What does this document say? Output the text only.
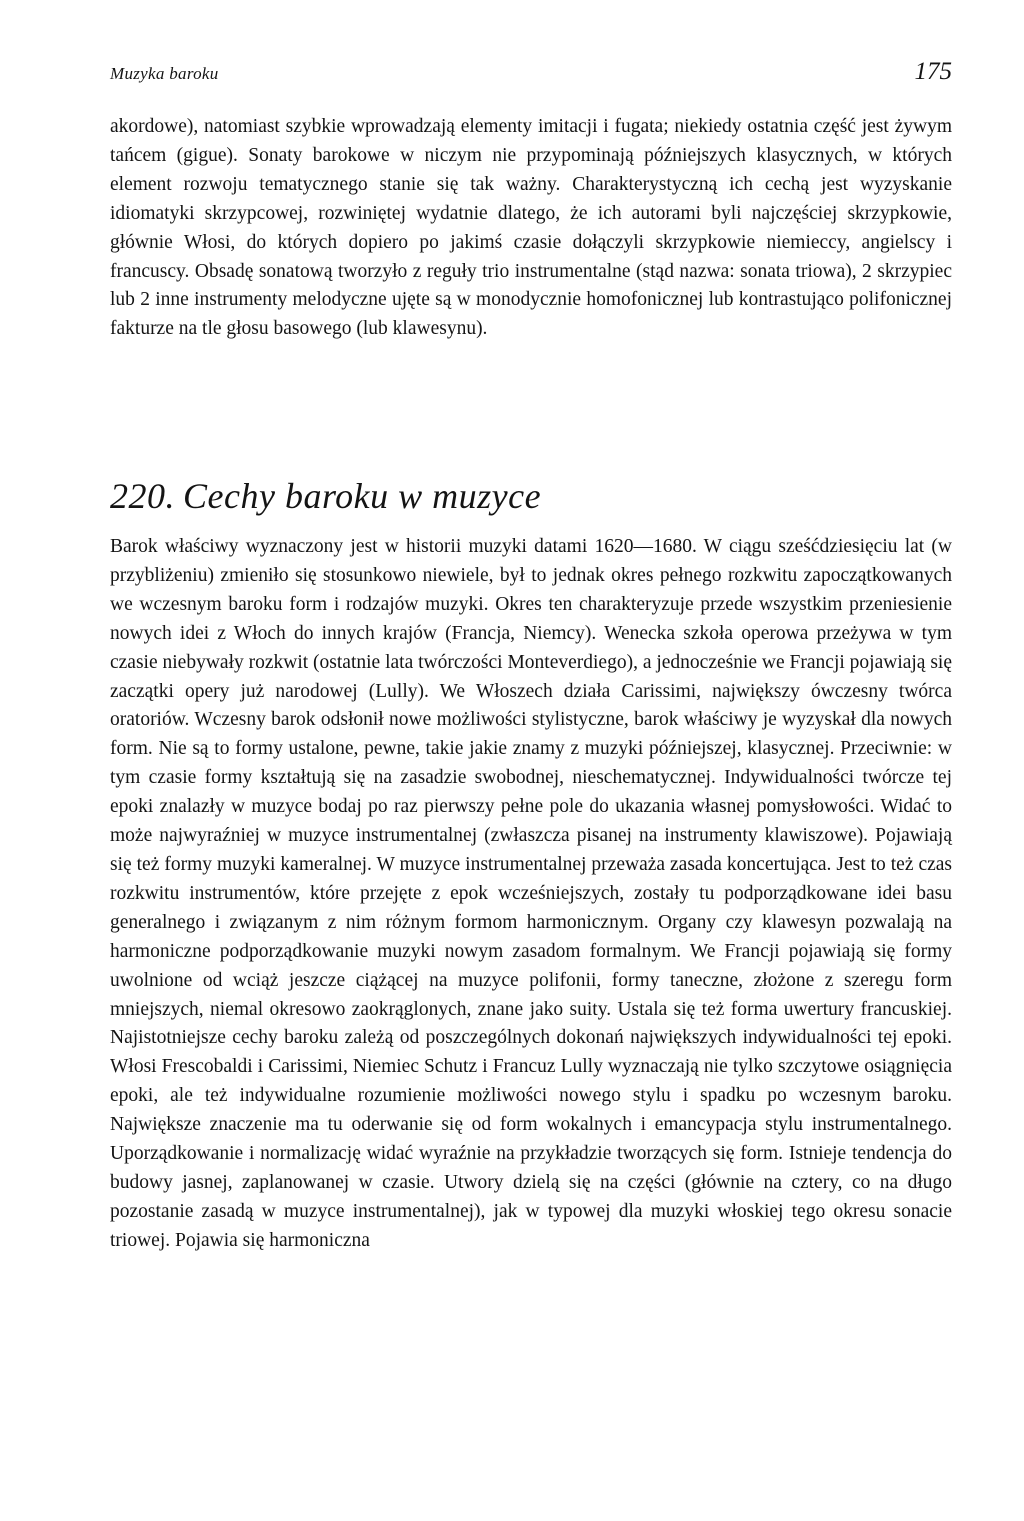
Muzyka baroku	175

akordowe), natomiast szybkie wprowadzają elementy imitacji i fugata; niekiedy ostatnia część jest żywym tańcem (gigue). Sonaty barokowe w niczym nie przypominają późniejszych klasycznych, w których element rozwoju tematycznego stanie się tak ważny. Charakterystyczną ich cechą jest wyzyskanie idiomatyki skrzypcowej, rozwiniętej wydatnie dlatego, że ich autorami byli najczęściej skrzypkowie, głównie Włosi, do których dopiero po jakimś czasie dołączyli skrzypkowie niemieccy, angielscy i francuscy. Obsadę sonatową tworzyło z reguły trio instrumentalne (stąd nazwa: sonata triowa), 2 skrzypiec lub 2 inne instrumenty melodyczne ujęte są w monodycznie homofonicznej lub kontrastująco polifonicznej fakturze na tle głosu basowego (lub klawesynu).

220. Cechy baroku w muzyce

Barok właściwy wyznaczony jest w historii muzyki datami 1620—1680. W ciągu sześćdziesięciu lat (w przybliżeniu) zmieniło się stosunkowo niewiele, był to jednak okres pełnego rozkwitu zapoczątkowanych we wczesnym baroku form i rodzajów muzyki. Okres ten charakteryzuje przede wszystkim przeniesienie nowych idei z Włoch do innych krajów (Francja, Niemcy). Wenecka szkoła operowa przeżywa w tym czasie niebywały rozkwit (ostatnie lata twórczości Monteverdiego), a jednocześnie we Francji pojawiają się zaczątki opery już narodowej (Lully). We Włoszech działa Carissimi, największy ówczesny twórca oratoriów. Wczesny barok odsłonił nowe możliwości stylistyczne, barok właściwy je wyzyskał dla nowych form. Nie są to formy ustalone, pewne, takie jakie znamy z muzyki późniejszej, klasycznej. Przeciwnie: w tym czasie formy kształtują się na zasadzie swobodnej, nieschematycznej. Indywidualności twórcze tej epoki znalazły w muzyce bodaj po raz pierwszy pełne pole do ukazania własnej pomysłowości. Widać to może najwyraźniej w muzyce instrumentalnej (zwłaszcza pisanej na instrumenty klawiszowe). Pojawiają się też formy muzyki kameralnej. W muzyce instrumentalnej przeważa zasada koncertująca. Jest to też czas rozkwitu instrumentów, które przejęte z epok wcześniejszych, zostały tu podporządkowane idei basu generalnego i związanym z nim różnym formom harmonicznym. Organy czy klawesyn pozwalają na harmoniczne podporządkowanie muzyki nowym zasadom formalnym. We Francji pojawiają się formy uwolnione od wciąż jeszcze ciążącej na muzyce polifonii, formy taneczne, złożone z szeregu form mniejszych, niemal okresowo zaokrąglonych, znane jako suity. Ustala się też forma uwertury francuskiej. Najistotniejsze cechy baroku zależą od poszczególnych dokonań największych indywidualności tej epoki. Włosi Frescobaldi i Carissimi, Niemiec Schutz i Francuz Lully wyznaczają nie tylko szczytowe osiągnięcia epoki, ale też indywidualne rozumienie możliwości nowego stylu i spadku po wczesnym baroku. Największe znaczenie ma tu oderwanie się od form wokalnych i emancypacja stylu instrumentalnego. Uporządkowanie i normalizację widać wyraźnie na przykładzie tworzących się form. Istnieje tendencja do budowy jasnej, zaplanowanej w czasie. Utwory dzielą się na części (głównie na cztery, co na długo pozostanie zasadą w muzyce instrumentalnej), jak w typowej dla muzyki włoskiej tego okresu sonacie triowej. Pojawia się harmoniczna
